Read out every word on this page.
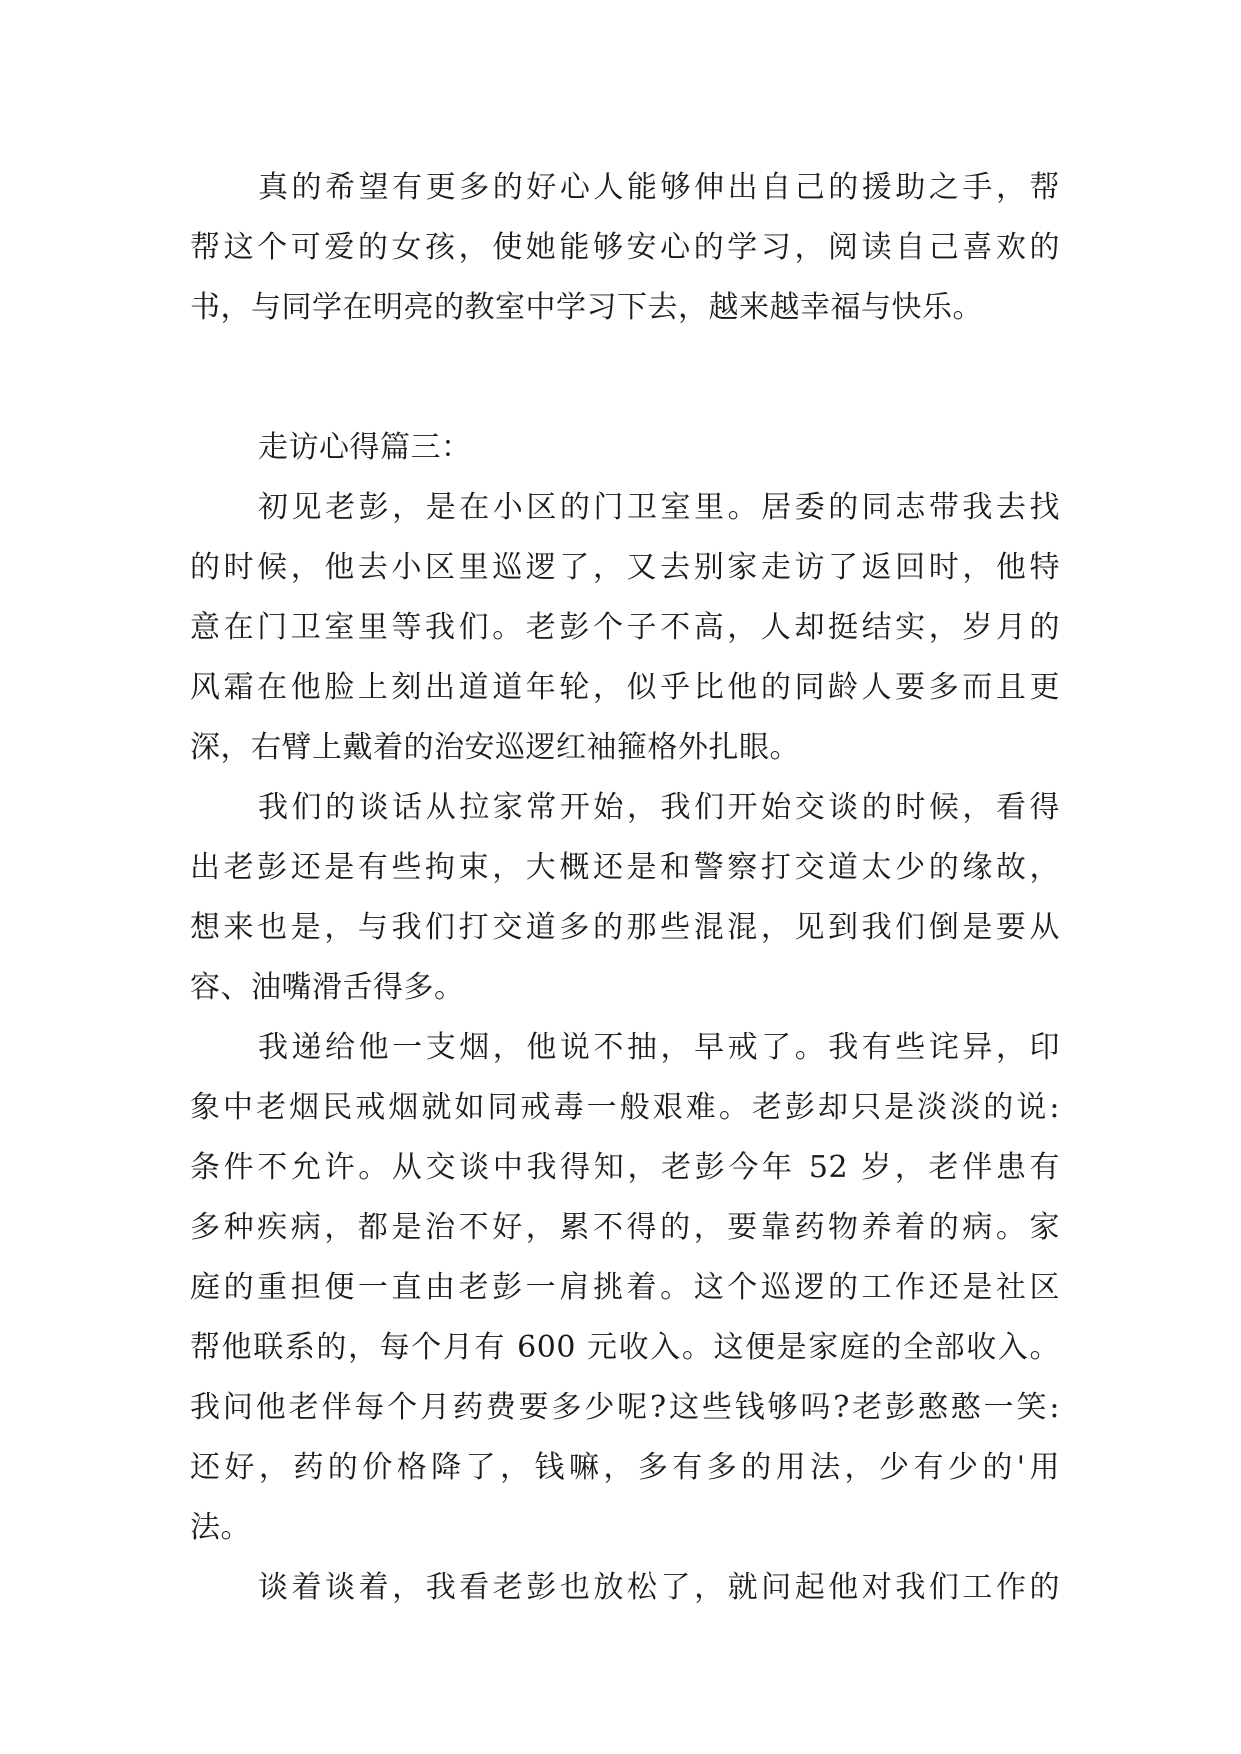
真的希望有更多的好心人能够伸出自己的援助之手，帮
帮这个可爱的女孩，使她能够安心的学习，阅读自己喜欢的
书，与同学在明亮的教室中学习下去，越来越幸福与快乐。
走访心得篇三：
初见老彭，是在小区的门卫室里。居委的同志带我去找
的时候，他去小区里巡逻了，又去别家走访了返回时，他特
意在门卫室里等我们。老彭个子不高，人却挺结实，岁月的
风霜在他脸上刻出道道年轮，似乎比他的同龄人要多而且更
深，右臂上戴着的治安巡逻红袖箍格外扎眼。
我们的谈话从拉家常开始，我们开始交谈的时候，看得
出老彭还是有些拘束，大概还是和警察打交道太少的缘故，
想来也是，与我们打交道多的那些混混，见到我们倒是要从
容、油嘴滑舌得多。
我递给他一支烟，他说不抽，早戒了。我有些诧异，印
象中老烟民戒烟就如同戒毒一般艰难。老彭却只是淡淡的说:
条件不允许。从交谈中我得知，老彭今年 52 岁，老伴患有
多种疾病，都是治不好，累不得的，要靠药物养着的病。家
庭的重担便一直由老彭一肩挑着。这个巡逻的工作还是社区
帮他联系的，每个月有 600 元收入。这便是家庭的全部收入。
我问他老伴每个月药费要多少呢?这些钱够吗?老彭憨憨一笑:
还好，药的价格降了，钱嘛，多有多的用法，少有少的'用
法。
谈着谈着，我看老彭也放松了，就问起他对我们工作的
